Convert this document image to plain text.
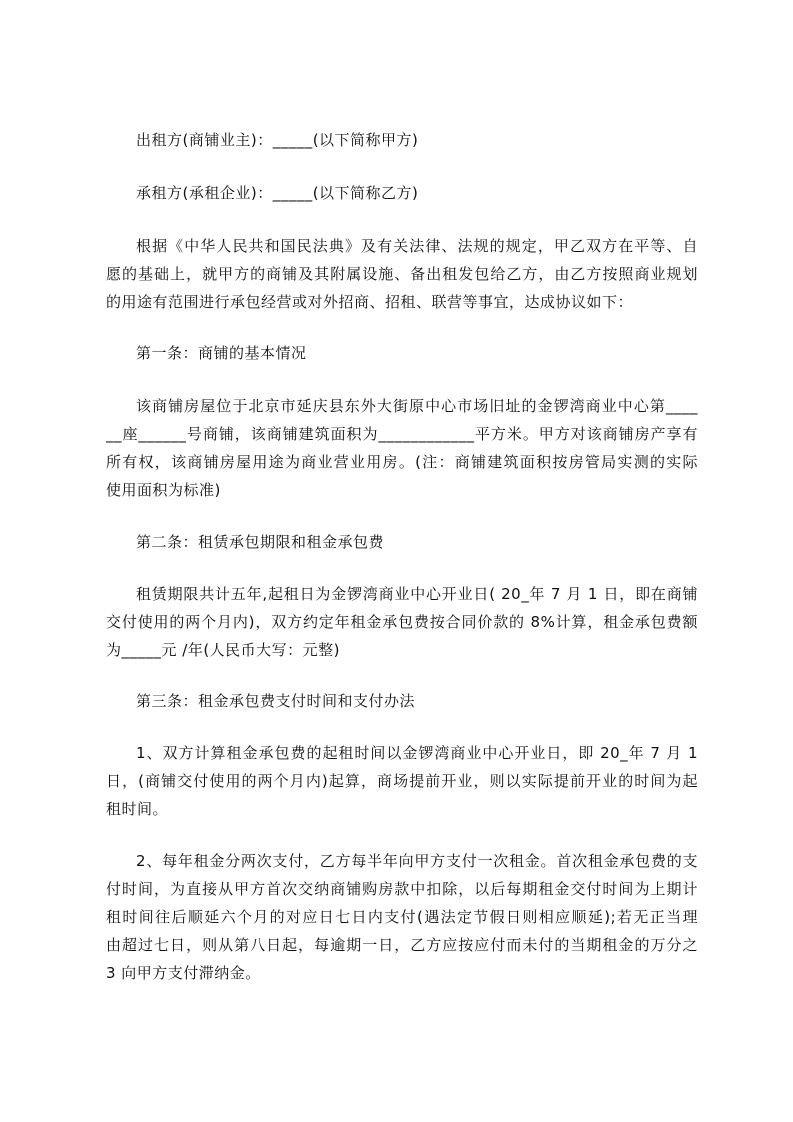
出租方(商铺业主)：_____(以下简称甲方)
承租方(承租企业)：_____(以下简称乙方)
根据《中华人民共和国民法典》及有关法律、法规的规定，甲乙双方在平等、自
愿的基础上，就甲方的商铺及其附属设施、备出租发包给乙方，由乙方按照商业规划
的用途有范围进行承包经营或对外招商、招租、联营等事宜，达成协议如下：
第一条：商铺的基本情况
该商铺房屋位于北京市延庆县东外大街原中心市场旧址的金锣湾商业中心第____
__座______号商铺，该商铺建筑面积为____________平方米。甲方对该商铺房产享有
所有权，该商铺房屋用途为商业营业用房。(注：商铺建筑面积按房管局实测的实际
使用面积为标准)
第二条：租赁承包期限和租金承包费
租赁期限共计五年,起租日为金锣湾商业中心开业日( 20_年 7 月 1 日，即在商铺
交付使用的两个月内)，双方约定年租金承包费按合同价款的 8%计算，租金承包费额
为_____元 /年(人民币大写：元整)
第三条：租金承包费支付时间和支付办法
1、双方计算租金承包费的起租时间以金锣湾商业中心开业日，即 20_年 7 月 1
日，(商铺交付使用的两个月内)起算，商场提前开业，则以实际提前开业的时间为起
租时间。
2、每年租金分两次支付，乙方每半年向甲方支付一次租金。首次租金承包费的支
付时间，为直接从甲方首次交纳商铺购房款中扣除，以后每期租金交付时间为上期计
租时间往后顺延六个月的对应日七日内支付(遇法定节假日则相应顺延);若无正当理
由超过七日，则从第八日起，每逾期一日，乙方应按应付而未付的当期租金的万分之
3 向甲方支付滞纳金。
